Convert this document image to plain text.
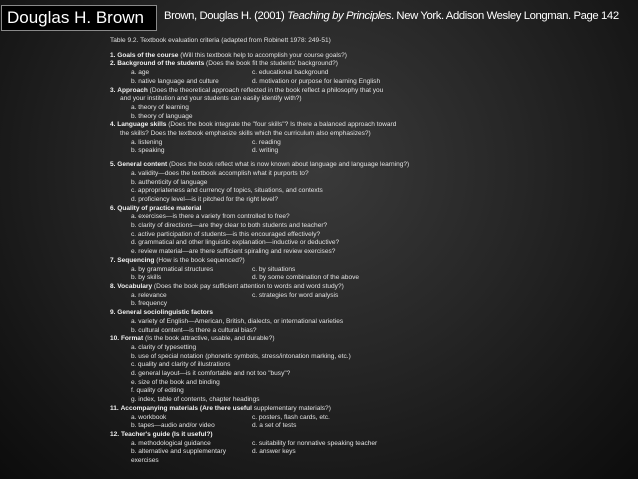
Douglas H. Brown	Brown, Douglas H. (2001) Teaching by Principles. New York. Addison Wesley Longman. Page 142
Table 9.2. Textbook evaluation criteria (adapted from Robinett 1978: 249-51)
1. Goals of the course (Will this textbook help to accomplish your course goals?)
2. Background of the students (Does the book fit the students' background?)
a. age	c. educational background
b. native language and culture	d. motivation or purpose for learning English
3. Approach (Does the theoretical approach reflected in the book reflect a philosophy that you
and your institution and your students can easily identify with?)
a. theory of learning
b. theory of language
4. Language skills (Does the book integrate the "four skills"? Is there a balanced approach toward
the skills? Does the textbook emphasize skills which the curriculum also emphasizes?)
a. listening	c. reading
b. speaking	d. writing
5. General content (Does the book reflect what is now known about language and language learning?)
a. validity—does the textbook accomplish what it purports to?
b. authenticity of language
c. appropriateness and currency of topics, situations, and contexts
d. proficiency level—is it pitched for the right level?
6. Quality of practice material
a. exercises—is there a variety from controlled to free?
b. clarity of directions—are they clear to both students and teacher?
c. active participation of students—is this encouraged effectively?
d. grammatical and other linguistic explanation—inductive or deductive?
e. review material—are there sufficient spiraling and review exercises?
7. Sequencing (How is the book sequenced?)
a. by grammatical structures	c. by situations
b. by skills	d. by some combination of the above
8. Vocabulary (Does the book pay sufficient attention to words and word study?)
a. relevance	c. strategies for word analysis
b. frequency
9. General sociolinguistic factors
a. variety of English—American, British, dialects, or international varieties
b. cultural content—is there a cultural bias?
10. Format (Is the book attractive, usable, and durable?)
a. clarity of typesetting
b. use of special notation (phonetic symbols, stress/intonation marking, etc.)
c. quality and clarity of illustrations
d. general layout—is it comfortable and not too "busy"?
e. size of the book and binding
f. quality of editing
g. index, table of contents, chapter headings
11. Accompanying materials (Are there useful supplementary materials?)
a. workbook	c. posters, flash cards, etc.
b. tapes—audio and/or video	d. a set of tests
12. Teacher's guide (Is it useful?)
a. methodological guidance	c. suitability for nonnative speaking teacher
b. alternative and supplementary	d. answer keys
exercises
